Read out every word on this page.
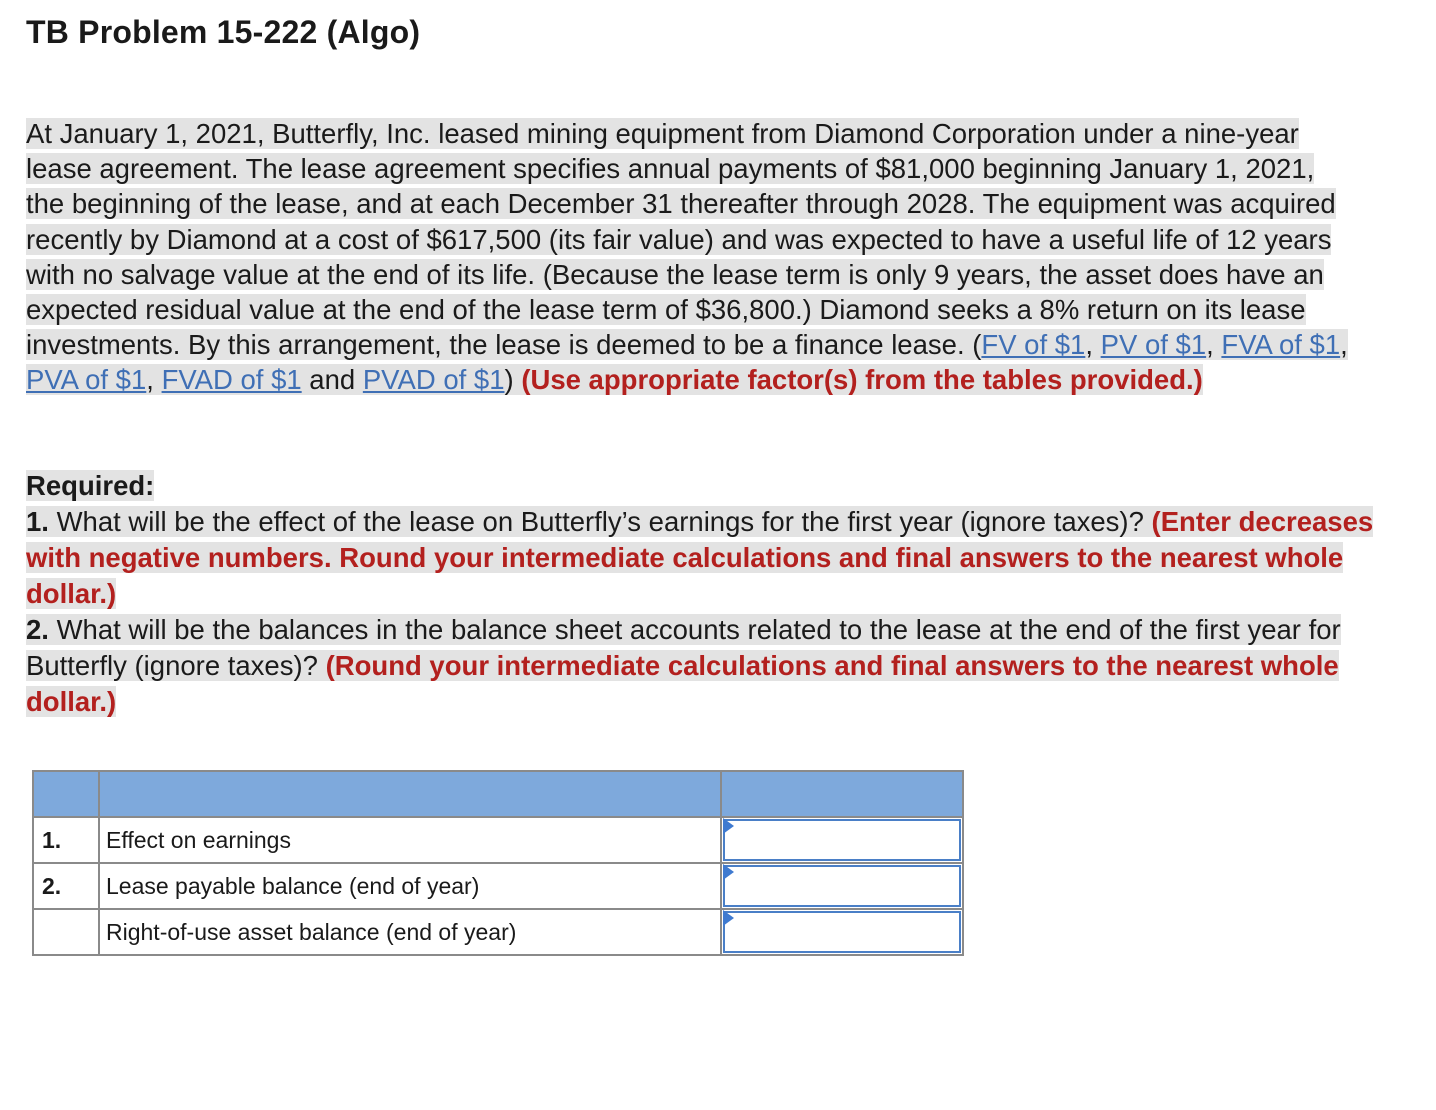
TB Problem 15-222 (Algo)

At January 1, 2021, Butterfly, Inc. leased mining equipment from Diamond Corporation under a nine-year lease agreement. The lease agreement specifies annual payments of $81,000 beginning January 1, 2021, the beginning of the lease, and at each December 31 thereafter through 2028. The equipment was acquired recently by Diamond at a cost of $617,500 (its fair value) and was expected to have a useful life of 12 years with no salvage value at the end of its life. (Because the lease term is only 9 years, the asset does have an expected residual value at the end of the lease term of $36,800.) Diamond seeks a 8% return on its lease investments. By this arrangement, the lease is deemed to be a finance lease. (FV of $1, PV of $1, FVA of $1, PVA of $1, FVAD of $1 and PVAD of $1) (Use appropriate factor(s) from the tables provided.)

Required:
1. What will be the effect of the lease on Butterfly’s earnings for the first year (ignore taxes)? (Enter decreases with negative numbers. Round your intermediate calculations and final answers to the nearest whole dollar.)
2. What will be the balances in the balance sheet accounts related to the lease at the end of the first year for Butterfly (ignore taxes)? (Round your intermediate calculations and final answers to the nearest whole dollar.)

1.	Effect on earnings	

2.	Lease payable balance (end of year)	

	Right-of-use asset balance (end of year)	
